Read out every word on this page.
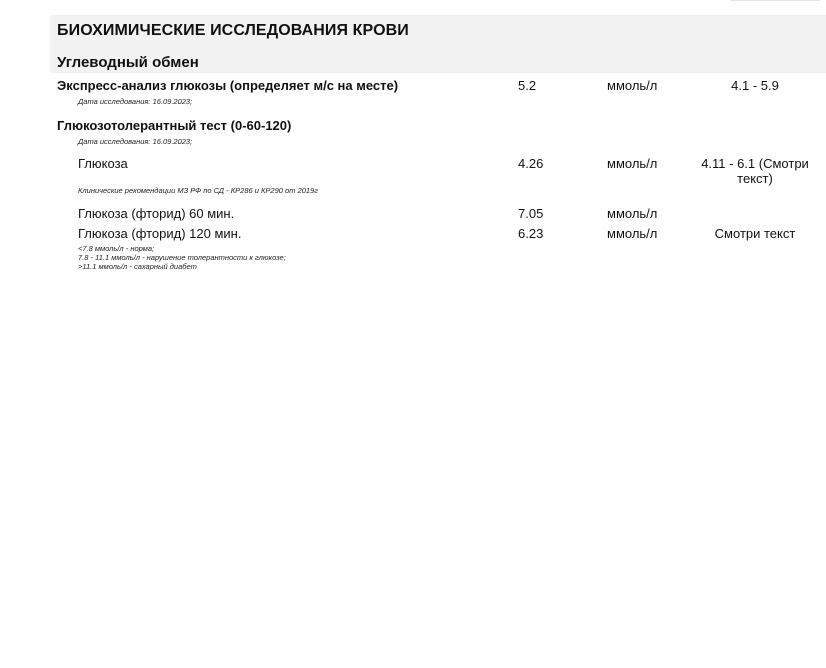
БИОХИМИЧЕСКИЕ ИССЛЕДОВАНИЯ КРОВИ
Углеводный обмен
Экспресс-анализ глюкозы (определяет м/с на месте)	5.2	ммоль/л	4.1 - 5.9
Дата исследования: 16.09.2023;
Глюкозотолерантный тест (0-60-120)
Дата исследования: 16.09.2023;
Глюкоза	4.26	ммоль/л	4.11 - 6.1 (Смотри текст)
Клинические рекомендации МЗ РФ по СД - КР286 и КР290 от 2019г
Глюкоза (фторид) 60 мин.	7.05	ммоль/л
Глюкоза (фторид) 120 мин.	6.23	ммоль/л	Смотри текст
<7.8 ммоль/л - норма;
7.8 - 11.1 ммоль/л - нарушение толерантности к глюкозе;
>11.1 ммоль/л - сахарный диабет
